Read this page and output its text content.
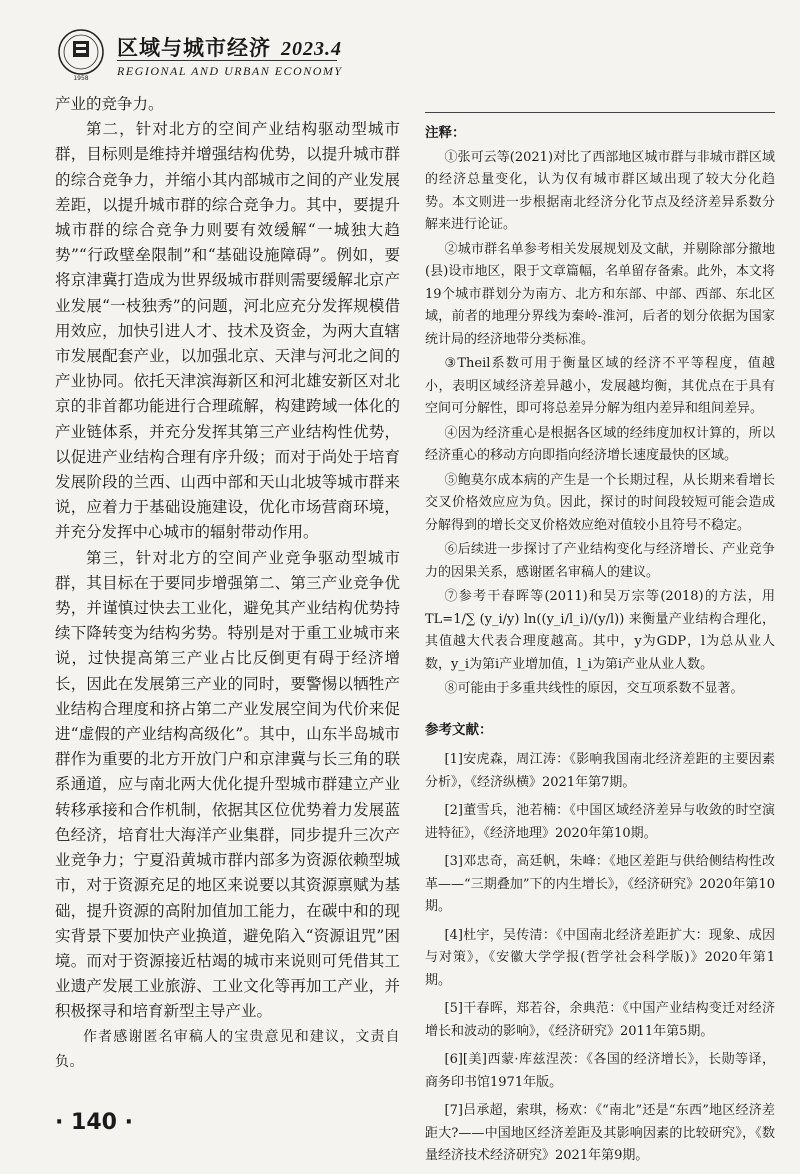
1958
区域与城市经济 2023.4
REGIONAL AND URBAN ECONOMY

产业的竞争力。

第二，针对北方的空间产业结构驱动型城市群，目标则是维持并增强结构优势，以提升城市群的综合竞争力，并缩小其内部城市之间的产业发展差距，以提升城市群的综合竞争力。其中，要提升城市群的综合竞争力则要有效缓解“一城独大趋势”“行政壁垒限制”和“基础设施障碍”。例如，要将京津冀打造成为世界级城市群则需要缓解北京产业发展“一枝独秀”的问题，河北应充分发挥规模借用效应，加快引进人才、技术及资金，为两大直辖市发展配套产业，以加强北京、天津与河北之间的产业协同。依托天津滨海新区和河北雄安新区对北京的非首都功能进行合理疏解，构建跨域一体化的产业链体系，并充分发挥其第三产业结构性优势，以促进产业结构合理有序升级；而对于尚处于培育发展阶段的兰西、山西中部和天山北坡等城市群来说，应着力于基础设施建设，优化市场营商环境，并充分发挥中心城市的辐射带动作用。

第三，针对北方的空间产业竞争驱动型城市群，其目标在于要同步增强第二、第三产业竞争优势，并谨慎过快去工业化，避免其产业结构优势持续下降转变为结构劣势。特别是对于重工业城市来说，过快提高第三产业占比反倒更有碍于经济增长，因此在发展第三产业的同时，要警惕以牺牲产业结构合理度和挤占第二产业发展空间为代价来促进“虚假的产业结构高级化”。其中，山东半岛城市群作为重要的北方开放门户和京津冀与长三角的联系通道，应与南北两大优化提升型城市群建立产业转移承接和合作机制，依据其区位优势着力发展蓝色经济，培育壮大海洋产业集群，同步提升三次产业竞争力；宁夏沿黄城市群内部多为资源依赖型城市，对于资源充足的地区来说要以其资源禀赋为基础，提升资源的高附加值加工能力，在碳中和的现实背景下要加快产业换道，避免陷入“资源诅咒”困境。而对于资源接近枯竭的城市来说则可凭借其工业遗产发展工业旅游、工业文化等再加工产业，并积极探寻和培育新型主导产业。

作者感谢匿名审稿人的宝贵意见和建议，文责自负。

注释：

①张可云等(2021)对比了西部地区城市群与非城市群区域的经济总量变化，认为仅有城市群区域出现了较大分化趋势。本文则进一步根据南北经济分化节点及经济差异系数分解来进行论证。

②城市群名单参考相关发展规划及文献，并剔除部分撤地(县)设市地区，限于文章篇幅，名单留存备索。此外，本文将19个城市群划分为南方、北方和东部、中部、西部、东北区域，前者的地理分界线为秦岭-淮河，后者的划分依据为国家统计局的经济地带分类标准。

③Theil系数可用于衡量区域的经济不平等程度，值越小，表明区域经济差异越小，发展越均衡，其优点在于具有空间可分解性，即可将总差异分解为组内差异和组间差异。

④因为经济重心是根据各区域的经纬度加权计算的，所以经济重心的移动方向即指向经济增长速度最快的区域。

⑤鲍莫尔成本病的产生是一个长期过程，从长期来看增长交叉价格效应应为负。因此，探讨的时间段较短可能会造成分解得到的增长交叉价格效应绝对值较小且符号不稳定。

⑥后续进一步探讨了产业结构变化与经济增长、产业竞争力的因果关系，感谢匿名审稿人的建议。

⑦参考干春晖等(2011)和吴万宗等(2018)的方法，用TL=1/∑ (y_i/y) ln((y_i/l_i)/(y/l)) 来衡量产业结构合理化，其值越大代表合理度越高。其中，y为GDP，l为总从业人数，y_i为第i产业增加值，l_i为第i产业从业人数。

⑧可能由于多重共线性的原因，交互项系数不显著。

参考文献：

[1]安虎森，周江涛：《影响我国南北经济差距的主要因素分析》，《经济纵横》2021年第7期。

[2]董雪兵，池若楠：《中国区域经济差异与收敛的时空演进特征》，《经济地理》2020年第10期。

[3]邓忠奇，高廷帆，朱峰：《地区差距与供给侧结构性改革——“三期叠加”下的内生增长》，《经济研究》2020年第10期。

[4]杜宇，吴传清：《中国南北经济差距扩大：现象、成因与对策》，《安徽大学学报(哲学社会科学版)》2020年第1期。

[5]干春晖，郑若谷，余典范：《中国产业结构变迁对经济增长和波动的影响》，《经济研究》2011年第5期。

[6][美]西蒙·库兹涅茨：《各国的经济增长》，长勋等译，商务印书馆1971年版。

[7]吕承超，索琪，杨欢：《“南北”还是“东西”地区经济差距大?——中国地区经济差距及其影响因素的比较研究》，《数量经济技术经济研究》2021年第9期。

· 140 ·
